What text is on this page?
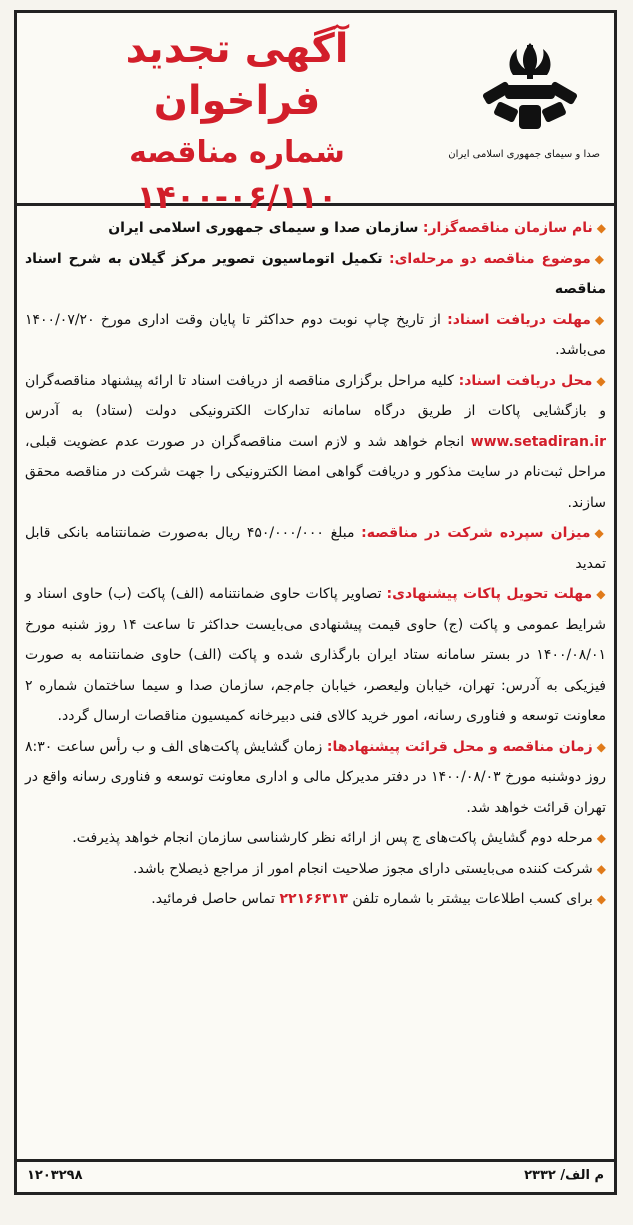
صدا و سیمای جمهوری اسلامی ایران
آگهی تجدید فراخوان
شماره مناقصه
۱۴۰۰-۰۶/۱۱۰

◆نام سازمان مناقصه‌گزار: سازمان صدا و سیمای جمهوری اسلامی ایران

◆موضوع مناقصه دو مرحله‌ای: تکمیل اتوماسیون تصویر مرکز گیلان به شرح اسناد مناقصه

◆مهلت دریافت اسناد: از تاریخ چاپ نوبت دوم حداکثر تا پایان وقت اداری مورخ ۱۴۰۰/۰۷/۲۰ می‌باشد.

◆محل دریافت اسناد: کلیه مراحل برگزاری مناقصه از دریافت اسناد تا ارائه پیشنهاد مناقصه‌گران و بازگشایی پاکات از طریق درگاه سامانه تدارکات الکترونیکی دولت (ستاد) به آدرس www.setadiran.ir انجام خواهد شد و لازم است مناقصه‌گران در صورت عدم عضویت قبلی، مراحل ثبت‌نام در سایت مذکور و دریافت گواهی امضا الکترونیکی را جهت شرکت در مناقصه محقق سازند.

◆میزان سپرده شرکت در مناقصه: مبلغ ۴۵۰/۰۰۰/۰۰۰ ریال به‌صورت ضمانتنامه بانکی قابل تمدید

◆مهلت تحویل پاکات پیشنهادی: تصاویر پاکات حاوی ضمانتنامه (الف) پاکت (ب) حاوی اسناد و شرایط عمومی و پاکت (ج) حاوی قیمت پیشنهادی می‌بایست حداکثر تا ساعت ۱۴ روز شنبه مورخ ۱۴۰۰/۰۸/۰۱ در بستر سامانه ستاد ایران بارگذاری شده و پاکت (الف) حاوی ضمانتنامه به صورت فیزیکی به آدرس: تهران، خیابان ولیعصر، خیابان جام‌جم، سازمان صدا و سیما ساختمان شماره ۲ معاونت توسعه و فناوری رسانه، امور خرید کالای فنی دبیرخانه کمیسیون مناقصات ارسال گردد.

◆زمان مناقصه و محل قرائت پیشنهادها: زمان گشایش پاکت‌های الف و ب رأس ساعت ۸:۳۰ روز دوشنبه مورخ ۱۴۰۰/۰۸/۰۳ در دفتر مدیرکل مالی و اداری معاونت توسعه و فناوری رسانه واقع در تهران قرائت خواهد شد.

◆مرحله دوم گشایش پاکت‌های ج پس از ارائه نظر کارشناسی سازمان انجام خواهد پذیرفت.

◆شرکت کننده می‌بایستی دارای مجوز صلاحیت انجام امور از مراجع ذیصلاح باشد.

◆برای کسب اطلاعات بیشتر با شماره تلفن ۲۲۱۶۶۳۱۳ تماس حاصل فرمائید.

م الف/ ۲۳۳۲
۱۲۰۳۲۹۸
